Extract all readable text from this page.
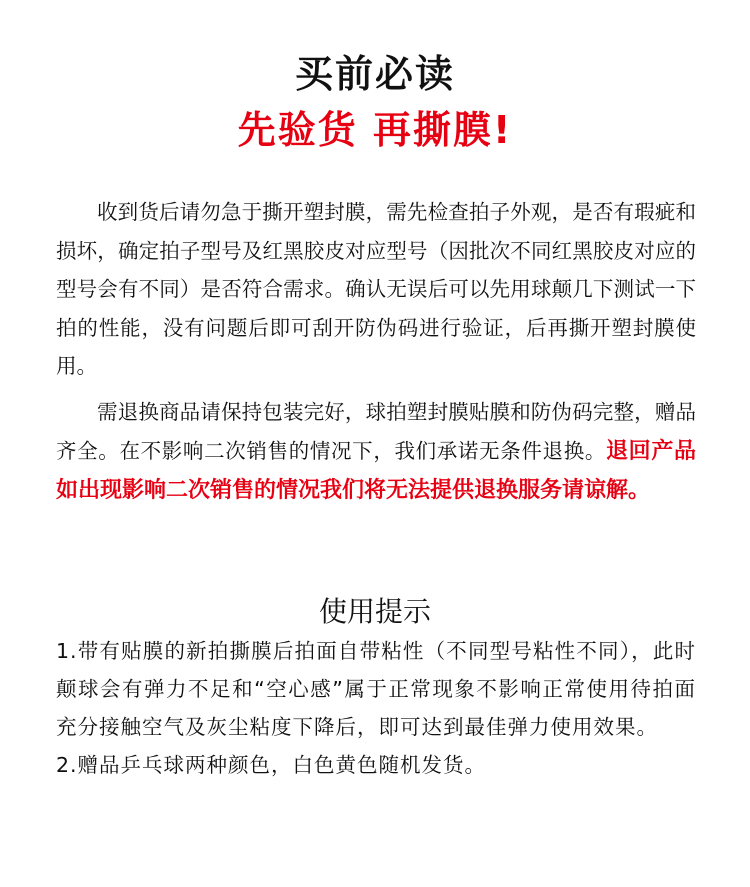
买前必读
先验货 再撕膜!

收到货后请勿急于撕开塑封膜，需先检查拍子外观，是否有瑕疵和损坏，确定拍子型号及红黑胶皮对应型号（因批次不同红黑胶皮对应的型号会有不同）是否符合需求。确认无误后可以先用球颠几下测试一下拍的性能，没有问题后即可刮开防伪码进行验证，后再撕开塑封膜使用。

需退换商品请保持包装完好，球拍塑封膜贴膜和防伪码完整，赠品齐全。在不影响二次销售的情况下，我们承诺无条件退换。退回产品如出现影响二次销售的情况我们将无法提供退换服务请谅解。

使用提示

1.带有贴膜的新拍撕膜后拍面自带粘性（不同型号粘性不同），此时颠球会有弹力不足和“空心感”属于正常现象不影响正常使用待拍面充分接触空气及灰尘粘度下降后，即可达到最佳弹力使用效果。

2.赠品乒乓球两种颜色，白色黄色随机发货。
